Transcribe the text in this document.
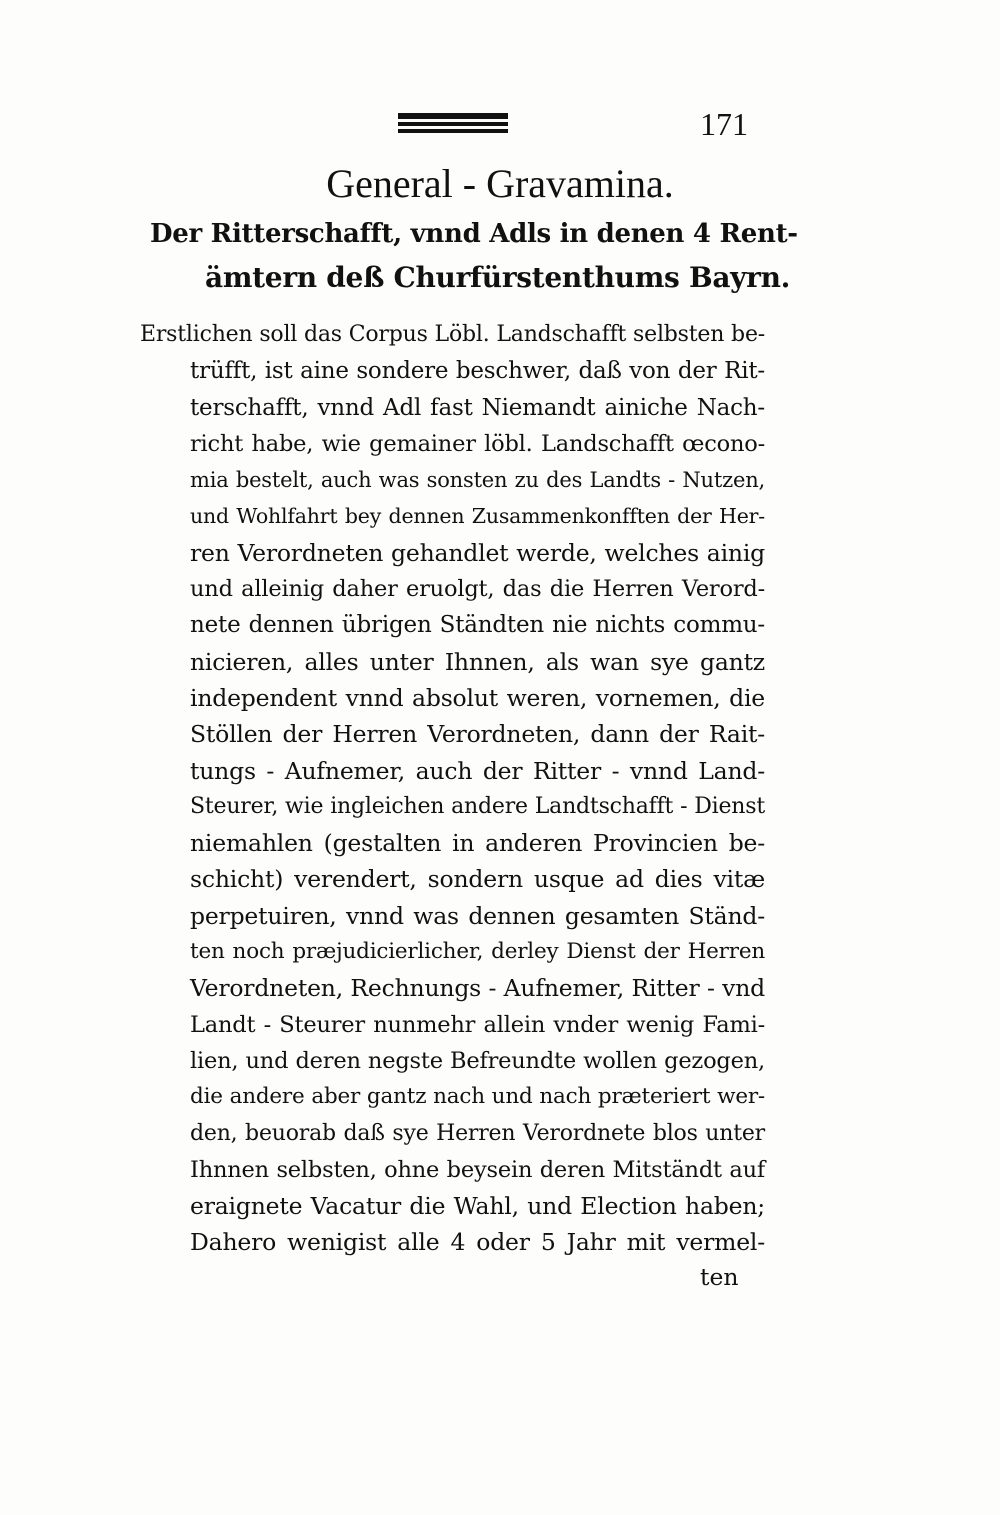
171
General - Gravamina.
Der Ritterschafft, vnnd Adls in denen 4 Rent-
ämtern deß Churfürstenthums Bayrn.
Erstlichen soll das Corpus Löbl. Landschafft selbsten be-
trüfft, ist aine sondere beschwer, daß von der Rit-
terschafft, vnnd Adl fast Niemandt ainiche Nach-
richt habe, wie gemainer löbl. Landschafft œcono-
mia bestelt, auch was sonsten zu des Landts - Nutzen,
und Wohlfahrt bey dennen Zusammenkonfften der Her-
ren Verordneten gehandlet werde, welches ainig
und alleinig daher eruolgt, das die Herren Verord-
nete dennen übrigen Ständten nie nichts commu-
nicieren, alles unter Ihnnen, als wan sye gantz
independent vnnd absolut weren, vornemen, die
Stöllen der Herren Verordneten, dann der Rait-
tungs - Aufnemer, auch der Ritter - vnnd Land-
Steurer, wie ingleichen andere Landtschafft - Dienst
niemahlen (gestalten in anderen Provincien be-
schicht) verendert, sondern usque ad dies vitæ
perpetuiren, vnnd was dennen gesamten Ständ-
ten noch præjudicierlicher, derley Dienst der Herren
Verordneten, Rechnungs - Aufnemer, Ritter - vnd
Landt - Steurer nunmehr allein vnder wenig Fami-
lien, und deren negste Befreundte wollen gezogen,
die andere aber gantz nach und nach præteriert wer-
den, beuorab daß sye Herren Verordnete blos unter
Ihnnen selbsten, ohne beysein deren Mitständt auf
eraignete Vacatur die Wahl, und Election haben;
Dahero wenigist alle 4 oder 5 Jahr mit vermel-
ten
